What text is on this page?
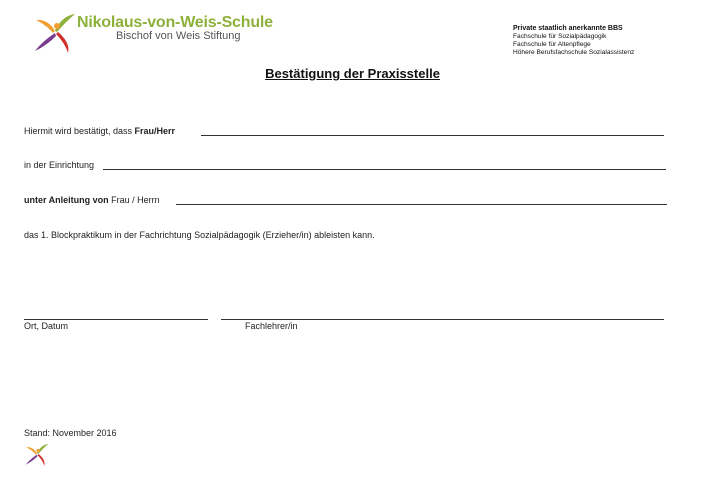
Nikolaus-von-Weis-Schule
Bischof von Weis Stiftung
Private staatlich anerkannte BBS
Fachschule für Sozialpädagogik
Fachschule für Altenpflege
Höhere Berufsfachschule Sozialassistenz
Bestätigung der Praxisstelle
Hiermit wird bestätigt, dass Frau/Herr
in der Einrichtung
unter Anleitung von Frau / Herrn
das 1. Blockpraktikum in der Fachrichtung Sozialpädagogik (Erzieher/in) ableisten kann.
Ort, Datum	Fachlehrer/in
Stand: November 2016
